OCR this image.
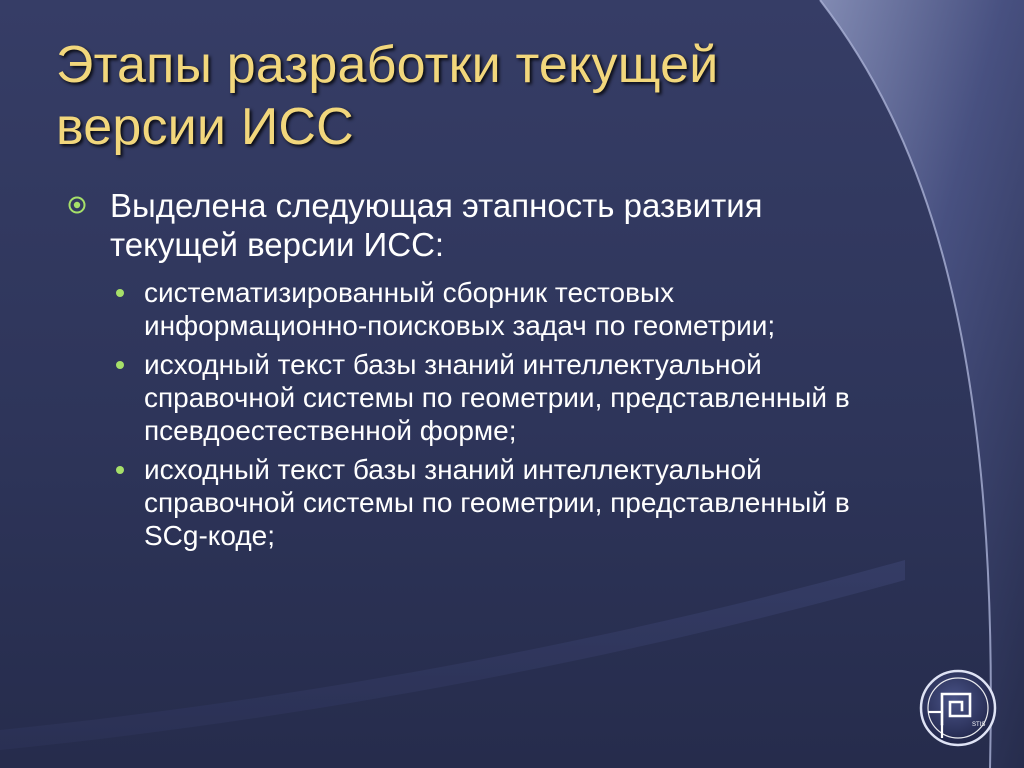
Этапы разработки текущей версии ИСС
Выделена следующая этапность развития текущей версии ИСС:
систематизированный сборник тестовых информационно-поисковых задач по геометрии;
исходный текст базы знаний интеллектуальной справочной системы по геометрии, представленный в псевдоестественной форме;
исходный текст базы знаний интеллектуальной справочной системы по геометрии, представленный в SCg-коде;
STIS
